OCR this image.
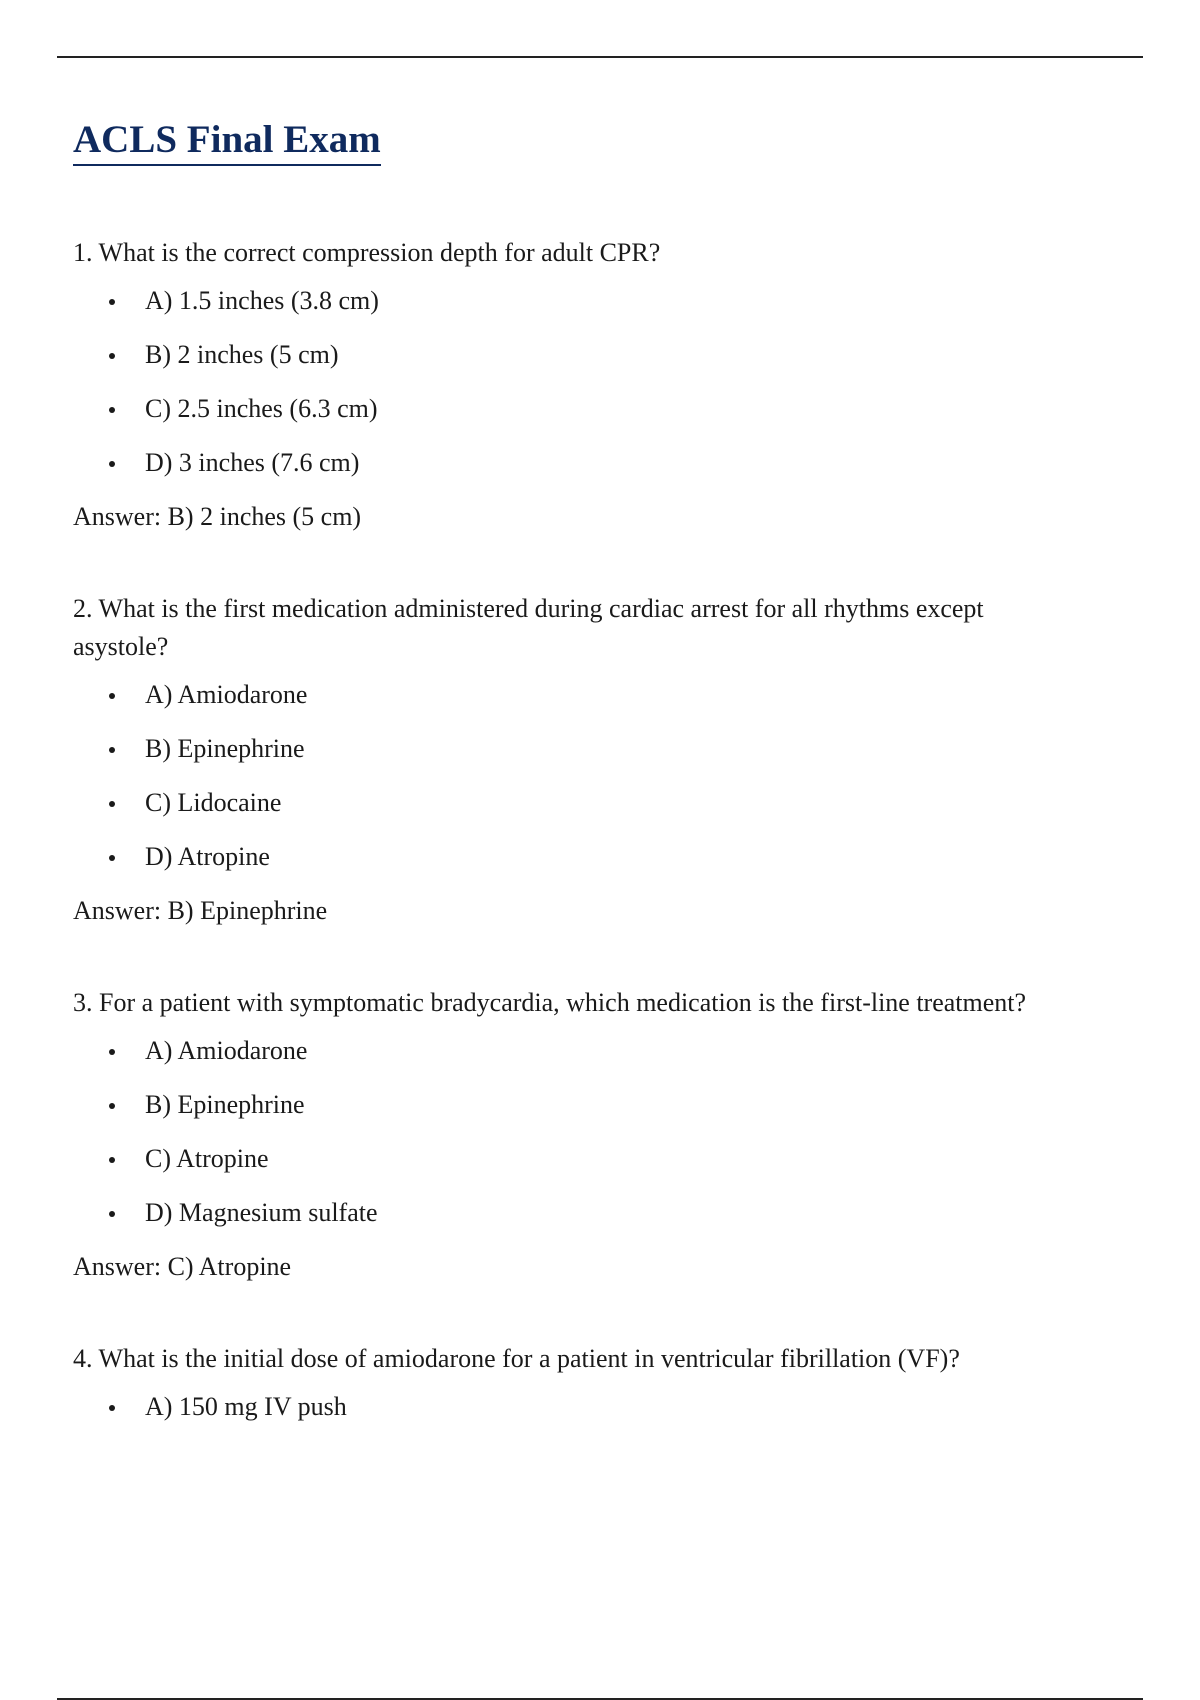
ACLS Final Exam

1. What is the correct compression depth for adult CPR?

A) 1.5 inches (3.8 cm)
B) 2 inches (5 cm)
C) 2.5 inches (6.3 cm)
D) 3 inches (7.6 cm)

Answer: B) 2 inches (5 cm)

2. What is the first medication administered during cardiac arrest for all rhythms except asystole?

A) Amiodarone
B) Epinephrine
C) Lidocaine
D) Atropine

Answer: B) Epinephrine

3. For a patient with symptomatic bradycardia, which medication is the first-line treatment?

A) Amiodarone
B) Epinephrine
C) Atropine
D) Magnesium sulfate

Answer: C) Atropine

4. What is the initial dose of amiodarone for a patient in ventricular fibrillation (VF)?

A) 150 mg IV push
